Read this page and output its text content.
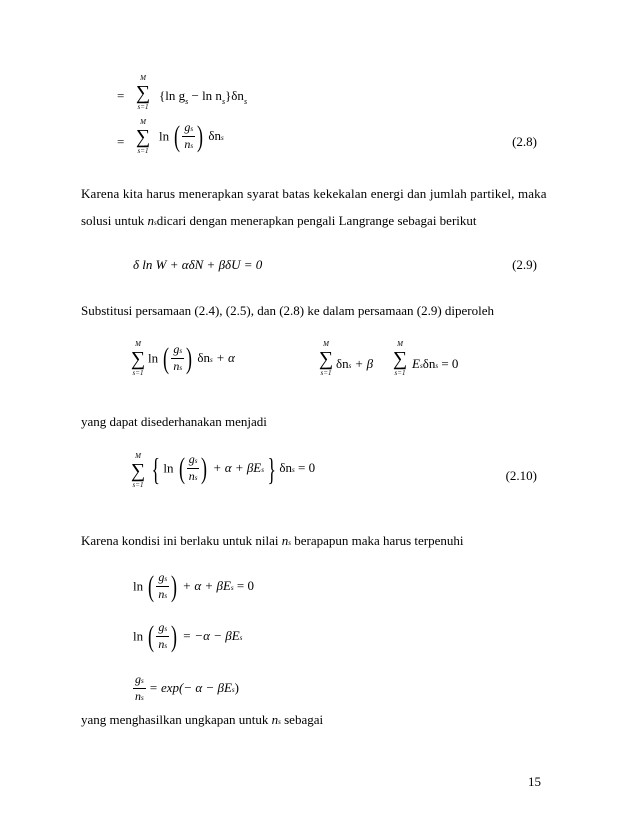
=
M
∑
s=1
{ln $g_s - \ln n_s\}\delta n_s$
=
M
∑
s=1
ln ( $\frac{gs}{ns}$ ) δns	(2.8)
Karena kita harus menerapkan syarat batas kekekalan energi dan jumlah partikel, maka
solusi untuk nsdicari dengan menerapkan pengali Langrange sebagai berikut
δ ln W + αδN + βδU = 0	(2.9)
Substitusi persamaan (2.4), (2.5), dan (2.8) ke dalam persamaan (2.9) diperoleh
M
∑
s=1
ln ( $\frac{gs}{ns}$ ) δns + α
M
∑
s=1
δns + β
M
∑
s=1
Esδns = 0
yang dapat disederhanakan menjadi
M
∑
s=1 { ln ( $\frac{gs}{ns}$ ) + α + βEs } δns = 0
(2.10)
Karena kondisi ini berlaku untuk nilai ns berapapun maka harus terpenuhi
ln ( $\frac{gs}{ns}$ ) + α + βEs = 0
ln ( $\frac{gs}{ns}$ ) = −α − βEs
$\frac{gs}{ns} = \exp(- \alpha - \beta Es)$
yang menghasilkan ungkapan untuk ns sebagai
15
